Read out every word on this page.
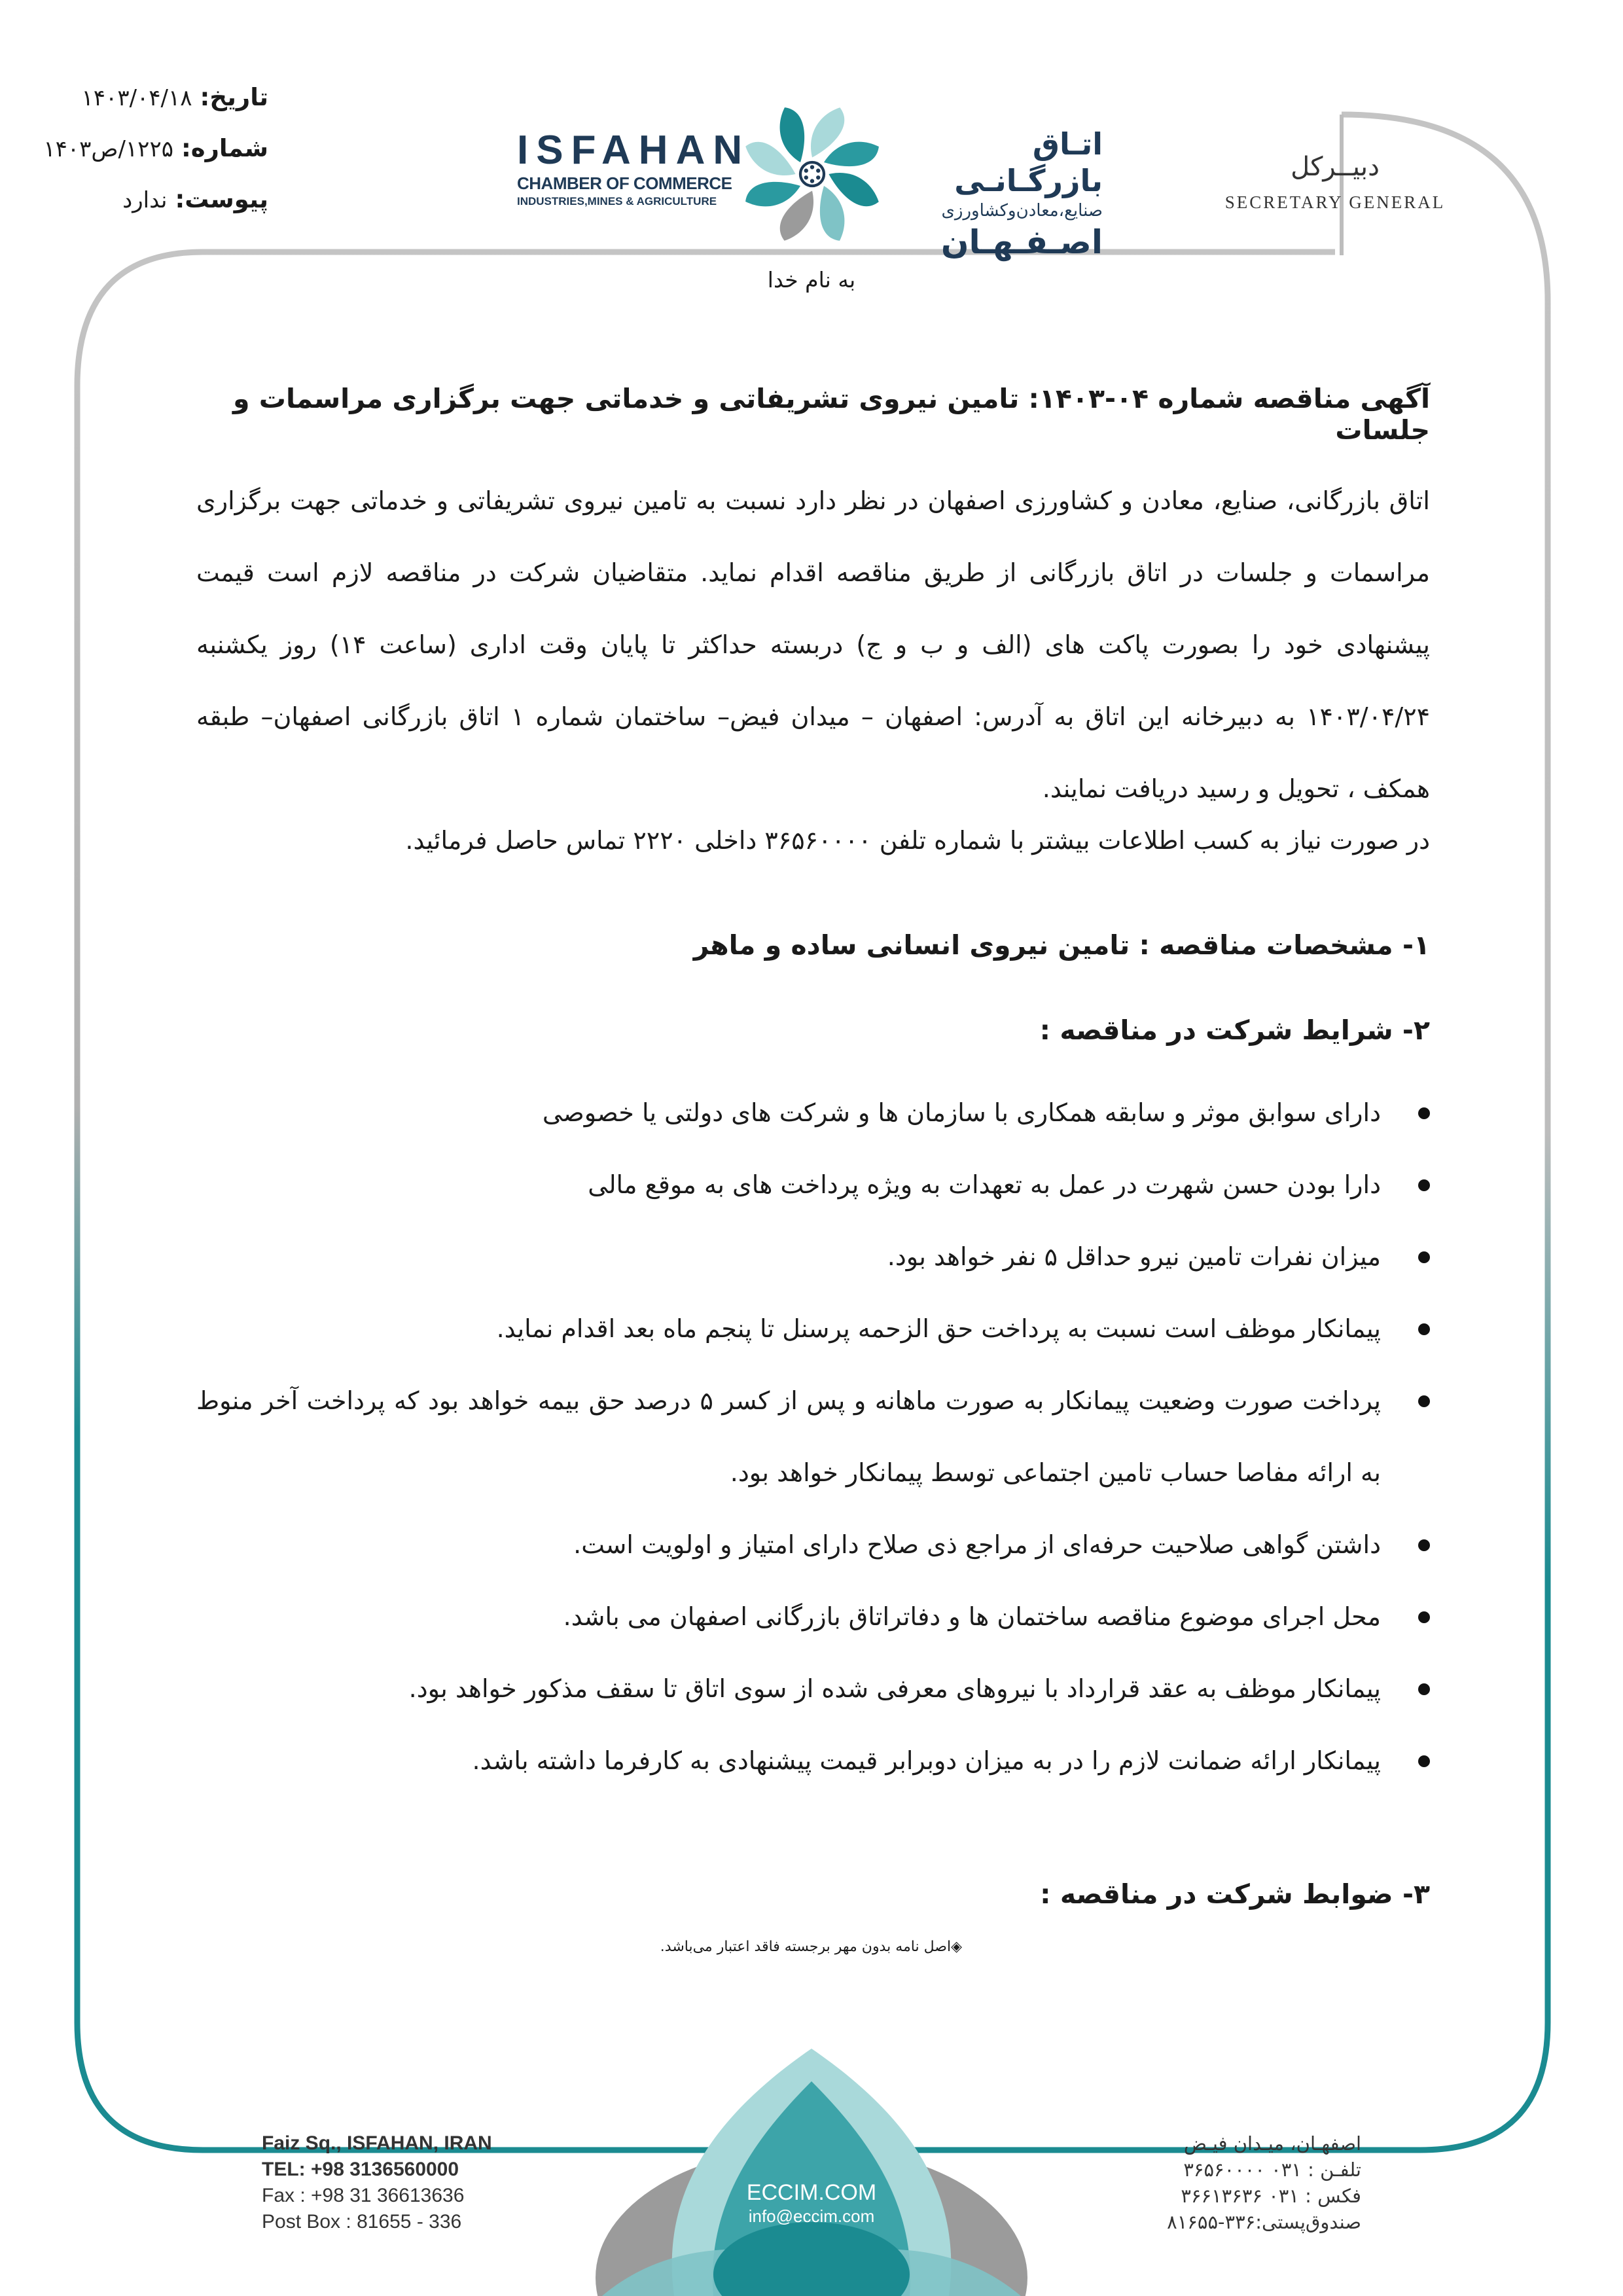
تاریخ:۱۴۰۳/۰۴/۱۸
شماره:۱۲۲۵/ص۱۴۰۳
پیوست:ندارد
ISFAHAN
CHAMBER OF COMMERCE
INDUSTRIES,MINES & AGRICULTURE
اتـاق بازرگـانـی
صنایع،معادن‌وکشاورزی
اصـفـهـان
دبیــرکل
SECRETARY GENERAL
به نام خدا
آگهی مناقصه شماره ۰۴-۱۴۰۳: تامین نیروی تشریفاتی و خدماتی جهت برگزاری مراسمات و جلسات
اتاق بازرگانی، صنایع، معادن و کشاورزی اصفهان در نظر دارد نسبت به تامین نیروی تشریفاتی و خدماتی جهت برگزاری مراسمات و جلسات در اتاق بازرگانی از طریق مناقصه اقدام نماید. متقاضیان شرکت در مناقصه لازم است قیمت پیشنهادی خود را بصورت پاکت های (الف و ب و ج) دربسته حداکثر تا پایان وقت اداری (ساعت ۱۴) روز یکشنبه ۱۴۰۳/۰۴/۲۴ به دبیرخانه این اتاق به آدرس: اصفهان – میدان فیض– ساختمان شماره ۱ اتاق بازرگانی اصفهان– طبقه همکف ، تحویل و رسید دریافت نمایند.
در صورت نیاز به کسب اطلاعات بیشتر با شماره تلفن ۳۶۵۶۰۰۰۰ داخلی ۲۲۲۰ تماس حاصل فرمائید.
۱- مشخصات مناقصه : تامین نیروی انسانی ساده و ماهر
۲- شرایط شرکت در مناقصه :
دارای سوابق موثر و سابقه همکاری با سازمان ها و شرکت های دولتی یا خصوصی
دارا بودن حسن شهرت در عمل به تعهدات به ویژه پرداخت های به موقع مالی
میزان نفرات تامین نیرو حداقل ۵ نفر خواهد بود.
پیمانکار موظف است نسبت به پرداخت حق الزحمه پرسنل تا پنجم ماه بعد اقدام نماید.
پرداخت صورت وضعیت پیمانکار به صورت ماهانه و پس از کسر ۵ درصد حق بیمه خواهد بود که پرداخت آخر منوط به ارائه مفاصا حساب تامین اجتماعی توسط پیمانکار خواهد بود.
داشتن گواهی صلاحیت حرفه‌ای از مراجع ذی صلاح دارای امتیاز و اولویت است.
محل اجرای موضوع مناقصه ساختمان ها و دفاتراتاق بازرگانی اصفهان می باشد.
پیمانکار موظف به عقد قرارداد با نیروهای معرفی شده از سوی اتاق تا سقف مذکور خواهد بود.
پیمانکار ارائه ضمانت لازم را در به میزان دوبرابر قیمت پیشنهادی به کارفرما داشته باشد.
۳- ضوابط شرکت در مناقصه :
◈اصل نامه بدون مهر برجسته فاقد اعتبار می‌باشد.
Faiz Sq., ISFAHAN, IRAN
TEL: +98 3136560000
Fax : +98 31 36613636
Post Box : 81655 - 336
ECCIM.COM
info@eccim.com
اصفهـان، میـدان فیـض
تلفـن : ۰۳۱ ۳۶۵۶۰۰۰۰
فکس : ۰۳۱ ۳۶۶۱۳۶۳۶
صندوق‌پستی:۳۳۶-۸۱۶۵۵
